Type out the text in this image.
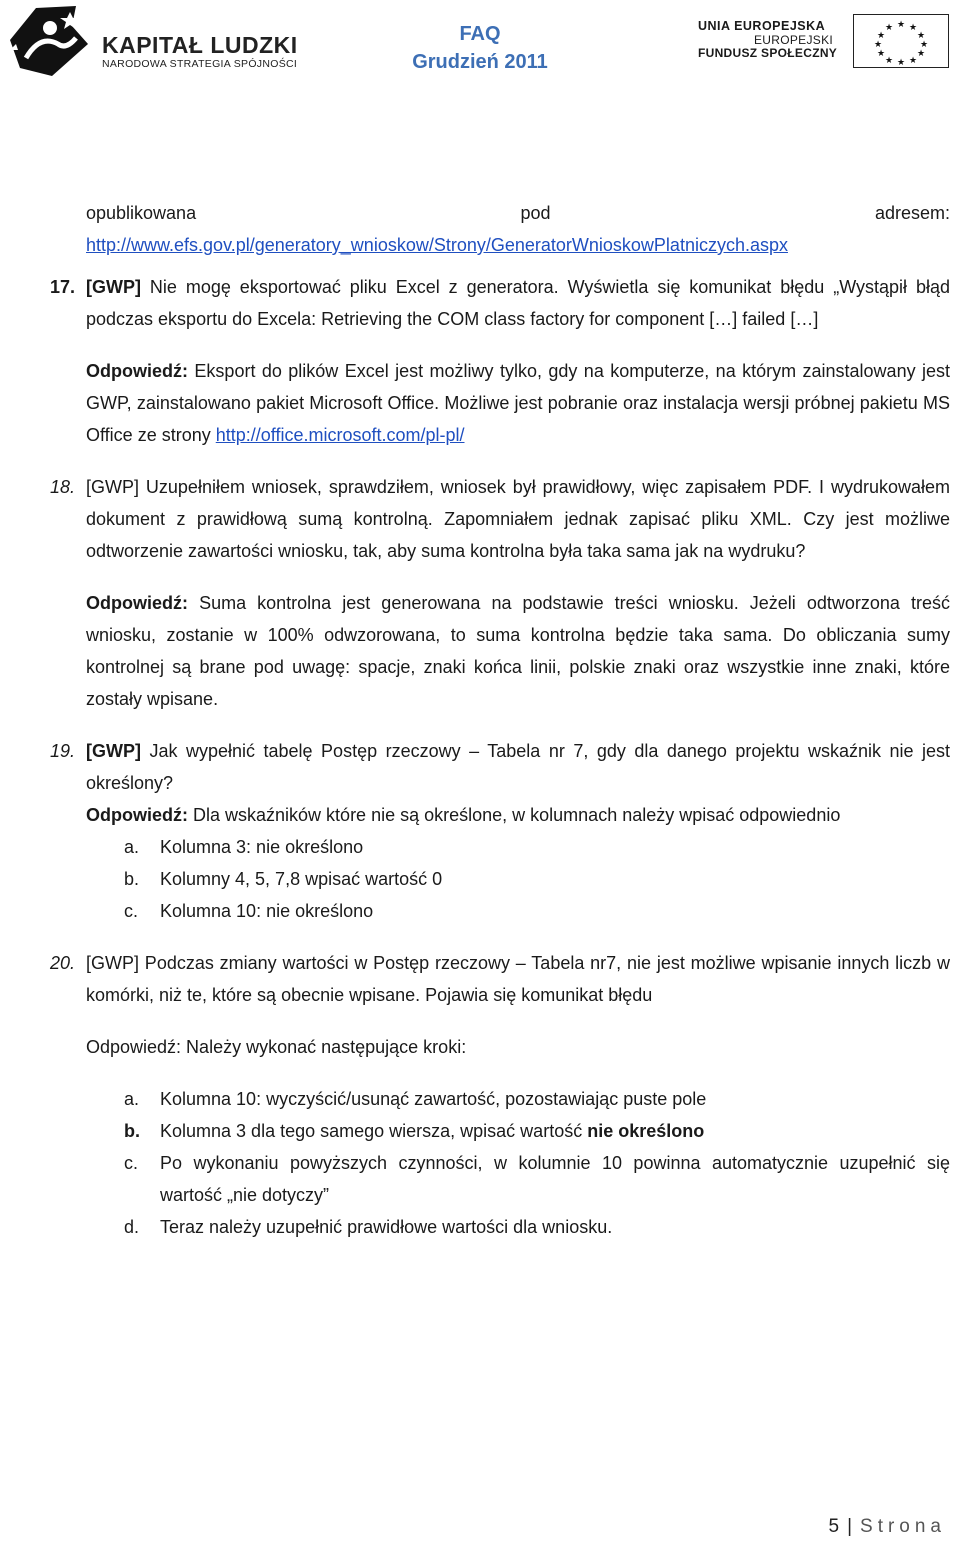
KAPITAŁ LUDZKI
NARODOWA STRATEGIA SPÓJNOŚCI
FAQ
Grudzień 2011
UNIA EUROPEJSKA
EUROPEJSKI
FUNDUSZ SPOŁECZNY
★ ★
★
★
★
★
★
★
★
★
★
★
opublikowana	pod	adresem:

http://www.efs.gov.pl/generatory_wnioskow/Strony/GeneratorWnioskowPlatniczych.aspx

17. [GWP] Nie mogę eksportować pliku Excel z generatora. Wyświetla się komunikat błędu „Wystąpił błąd podczas eksportu do Excela: Retrieving the COM class factory for component […] failed […]

Odpowiedź: Eksport do plików Excel jest możliwy tylko, gdy na komputerze, na którym zainstalowany jest GWP, zainstalowano pakiet Microsoft Office. Możliwe jest pobranie oraz instalacja wersji próbnej pakietu MS Office ze strony http://office.microsoft.com/pl-pl/

18. [GWP] Uzupełniłem wniosek, sprawdziłem, wniosek był prawidłowy, więc zapisałem PDF. I wydrukowałem dokument z prawidłową sumą kontrolną. Zapomniałem jednak zapisać pliku XML. Czy jest możliwe odtworzenie zawartości wniosku, tak, aby suma kontrolna była taka sama jak na wydruku?

Odpowiedź: Suma kontrolna jest generowana na podstawie treści wniosku. Jeżeli odtworzona treść wniosku, zostanie w 100% odwzorowana, to suma kontrolna będzie taka sama. Do obliczania sumy kontrolnej są brane pod uwagę: spacje, znaki końca linii, polskie znaki oraz wszystkie inne znaki, które zostały wpisane.

19. [GWP] Jak wypełnić tabelę Postęp rzeczowy – Tabela nr 7, gdy dla danego projektu wskaźnik nie jest określony?

Odpowiedź: Dla wskaźników które nie są określone, w kolumnach należy wpisać odpowiednio

a. Kolumna 3: nie określono
b. Kolumny 4, 5, 7,8 wpisać wartość 0
c. Kolumna 10: nie określono
20. [GWP] Podczas zmiany wartości w Postęp rzeczowy – Tabela nr7, nie jest możliwe wpisanie innych liczb w komórki, niż te, które są obecnie wpisane. Pojawia się komunikat błędu

Odpowiedź: Należy wykonać następujące kroki:

a. Kolumna 10: wyczyścić/usunąć zawartość, pozostawiając puste pole
b. Kolumna 3 dla tego samego wiersza, wpisać wartość nie określono
c. Po wykonaniu powyższych czynności, w kolumnie 10 powinna automatycznie uzupełnić się wartość „nie dotyczy”
d. Teraz należy uzupełnić prawidłowe wartości dla wniosku.
5 | Strona
